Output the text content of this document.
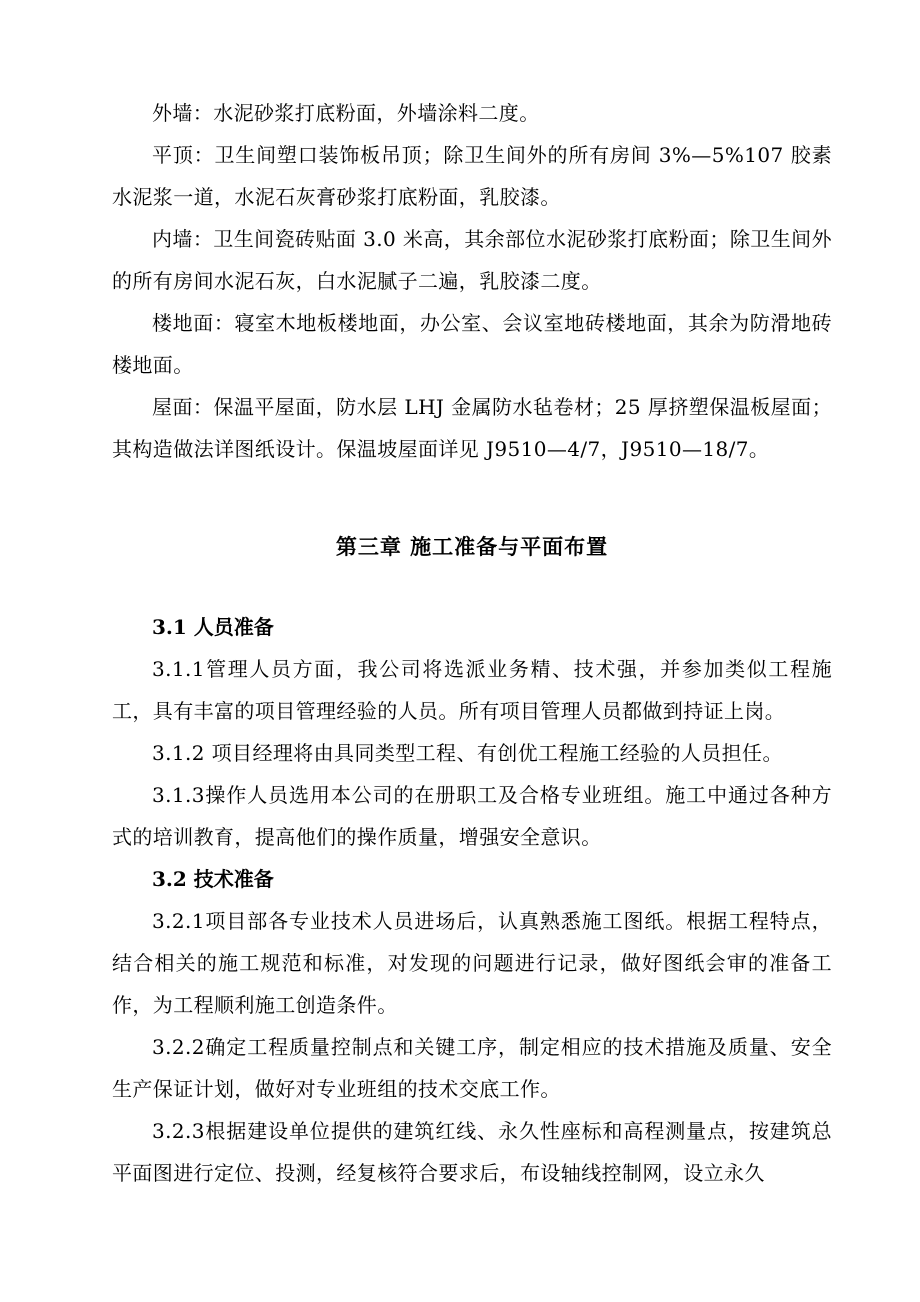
外墙：水泥砂浆打底粉面，外墙涂料二度。

平顶：卫生间塑口装饰板吊顶；除卫生间外的所有房间 3%—5%107 胶素水泥浆一道，水泥石灰膏砂浆打底粉面，乳胶漆。

内墙：卫生间瓷砖贴面 3.0 米高，其余部位水泥砂浆打底粉面；除卫生间外的所有房间水泥石灰，白水泥腻子二遍，乳胶漆二度。

楼地面：寝室木地板楼地面，办公室、会议室地砖楼地面，其余为防滑地砖楼地面。

屋面：保温平屋面，防水层 LHJ 金属防水毡卷材；25 厚挤塑保温板屋面；其构造做法详图纸设计。保温坡屋面详见 J9510—4/7，J9510—18/7。

第三章 施工准备与平面布置
3.1 人员准备

3.1.1管理人员方面，我公司将选派业务精、技术强，并参加类似工程施工，具有丰富的项目管理经验的人员。所有项目管理人员都做到持证上岗。

3.1.2 项目经理将由具同类型工程、有创优工程施工经验的人员担任。

3.1.3操作人员选用本公司的在册职工及合格专业班组。施工中通过各种方式的培训教育，提高他们的操作质量，增强安全意识。

3.2 技术准备

3.2.1项目部各专业技术人员进场后，认真熟悉施工图纸。根据工程特点，结合相关的施工规范和标准，对发现的问题进行记录，做好图纸会审的准备工作，为工程顺利施工创造条件。

3.2.2确定工程质量控制点和关键工序，制定相应的技术措施及质量、安全生产保证计划，做好对专业班组的技术交底工作。

3.2.3根据建设单位提供的建筑红线、永久性座标和高程测量点，按建筑总平面图进行定位、投测，经复核符合要求后，布设轴线控制网，设立永久
